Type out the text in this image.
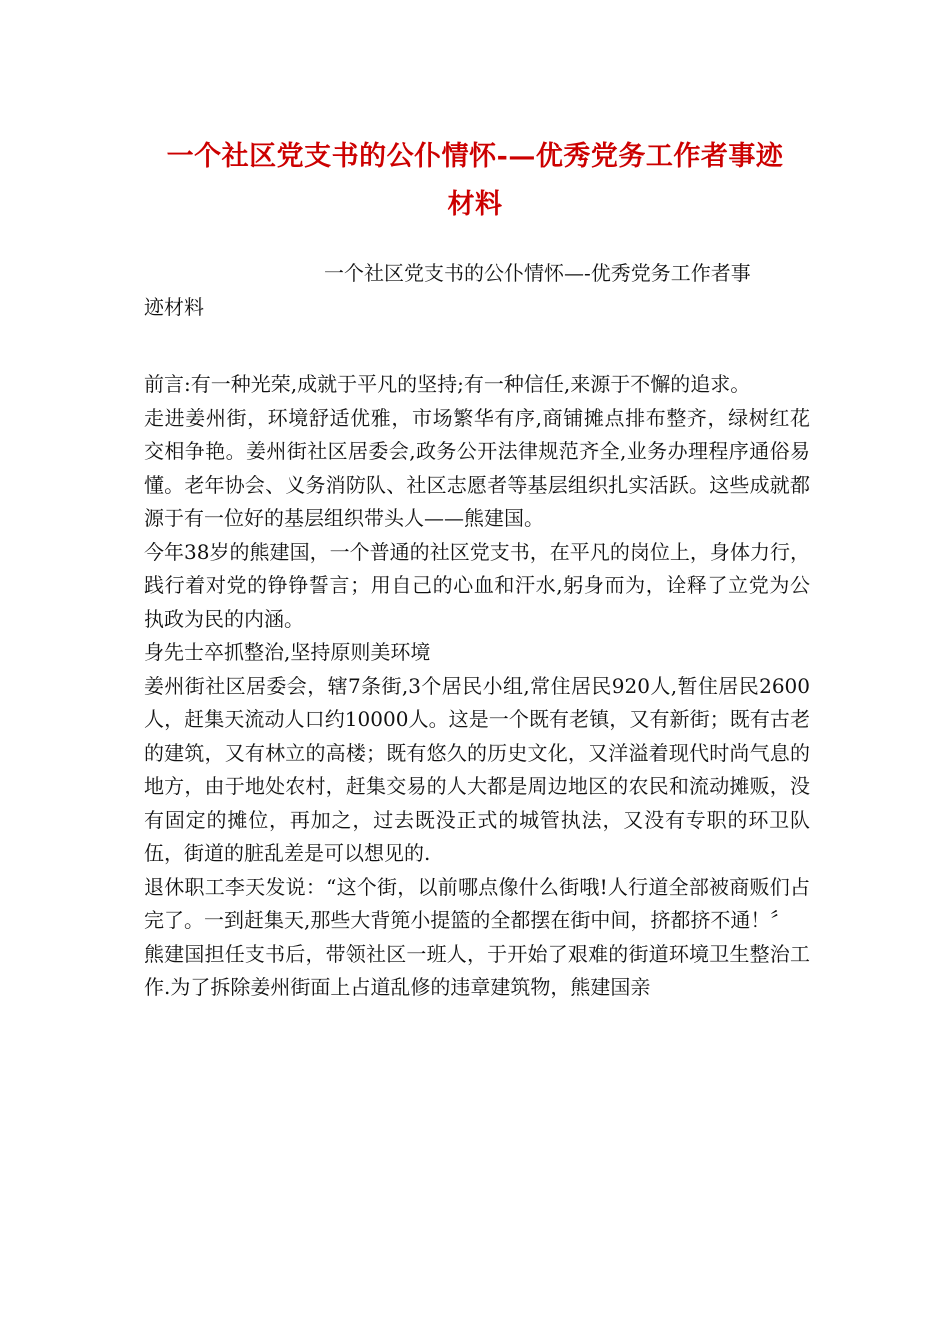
一个社区党支书的公仆情怀-—优秀党务工作者事迹
材料
一个社区党支书的公仆情怀—-优秀党务工作者事
迹材料

前言:有一种光荣,成就于平凡的坚持;有一种信任,来源于不懈的追求。

走进姜州街，环境舒适优雅，市场繁华有序,商铺摊点排布整齐，绿树红花交相争艳。姜州街社区居委会,政务公开法律规范齐全,业务办理程序通俗易懂。老年协会、义务消防队、社区志愿者等基层组织扎实活跃。这些成就都源于有一位好的基层组织带头人——熊建国。

今年38岁的熊建国，一个普通的社区党支书，在平凡的岗位上，身体力行，践行着对党的铮铮誓言；用自己的心血和汗水,躬身而为，诠释了立党为公执政为民的内涵。

身先士卒抓整治,坚持原则美环境

姜州街社区居委会，辖7条街,3个居民小组,常住居民920人,暂住居民2600人，赶集天流动人口约10000人。这是一个既有老镇，又有新街；既有古老的建筑，又有林立的高楼；既有悠久的历史文化，又洋溢着现代时尚气息的地方，由于地处农村，赶集交易的人大都是周边地区的农民和流动摊贩，没有固定的摊位，再加之，过去既没正式的城管执法，又没有专职的环卫队伍，街道的脏乱差是可以想见的.

退休职工李天发说：“这个街，以前哪点像什么街哦!人行道全部被商贩们占完了。一到赶集天,那些大背篼小提篮的全都摆在街中间，挤都挤不通！〞

熊建国担任支书后，带领社区一班人，于开始了艰难的街道环境卫生整治工作.为了拆除姜州街面上占道乱修的违章建筑物，熊建国亲
